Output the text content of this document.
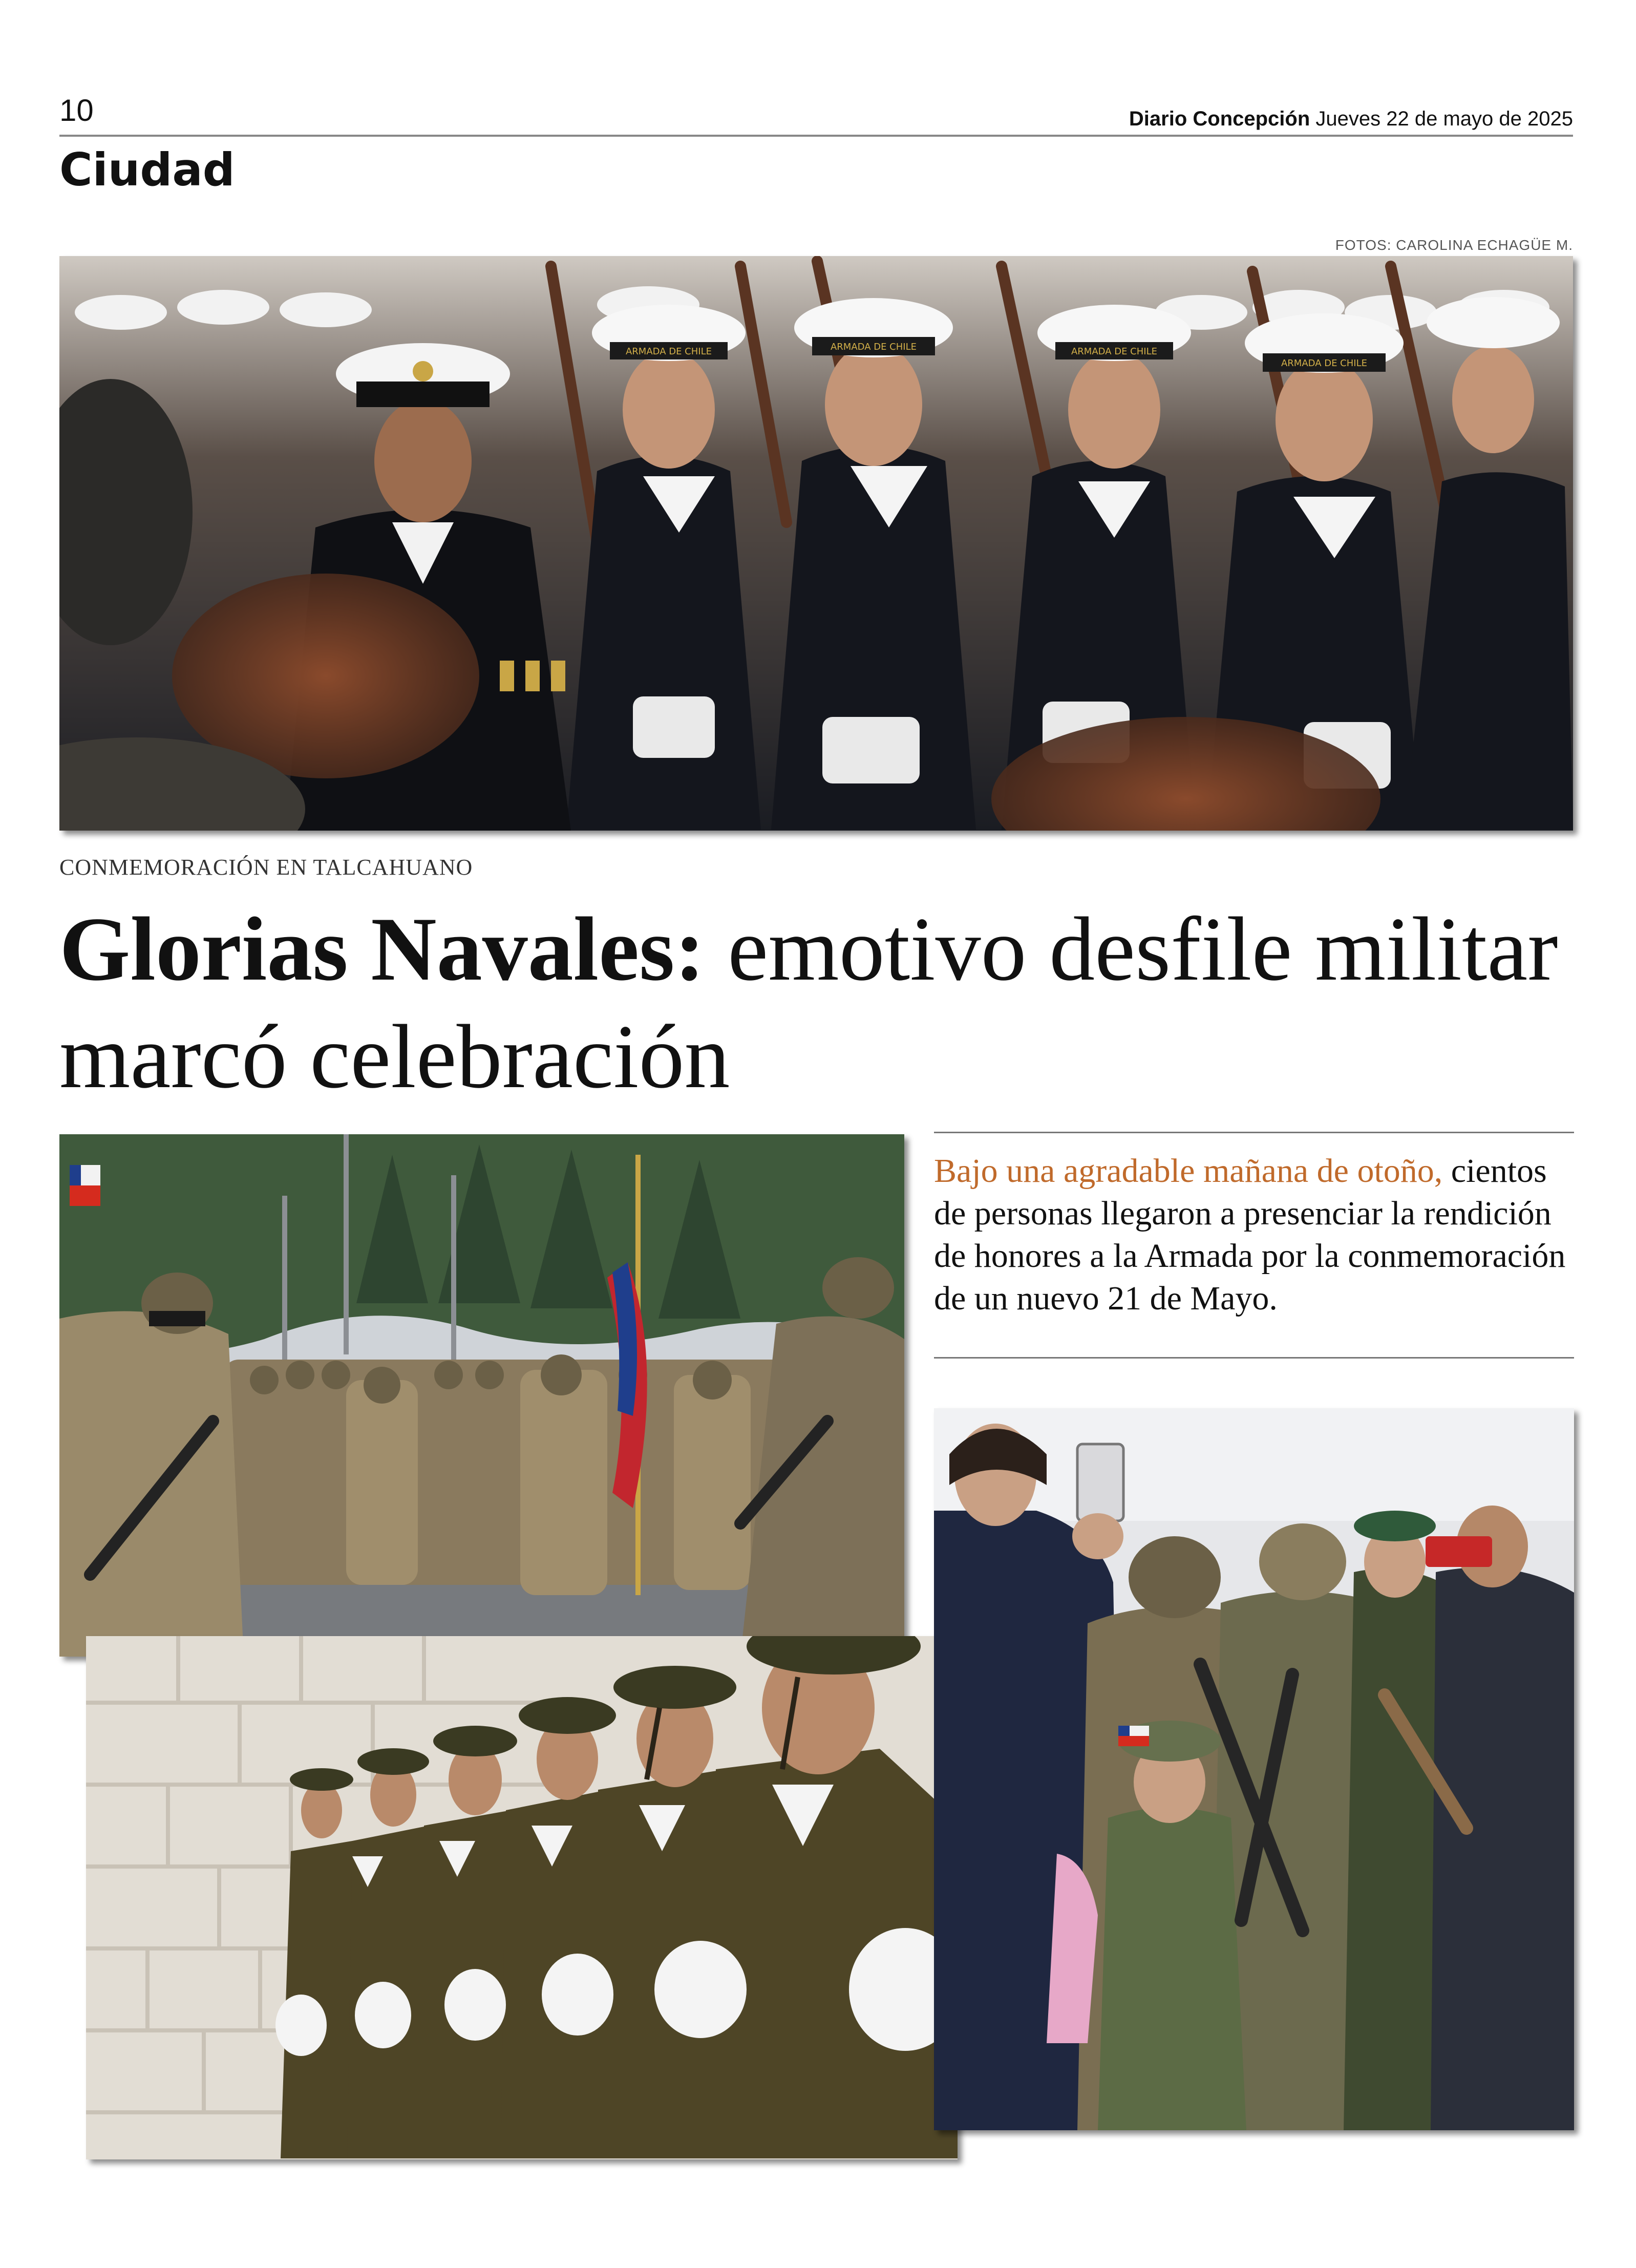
10	Diario Concepción Jueves 22 de mayo de 2025
Ciudad
FOTOS: CAROLINA ECHAGÜE M.
ARMADA DE CHILE	ARMADA DE CHILE	ARMADA DE CHILE
ARMADA DE CHILE
CONMEMORACIÓN EN TALCAHUANO
Glorias Navales: emotivo desfile militar marcó celebración
Bajo una agradable mañana de otoño, cientos de personas llegaron a presenciar la rendición de honores a la Armada por la conmemoración de un nuevo 21 de Mayo.
